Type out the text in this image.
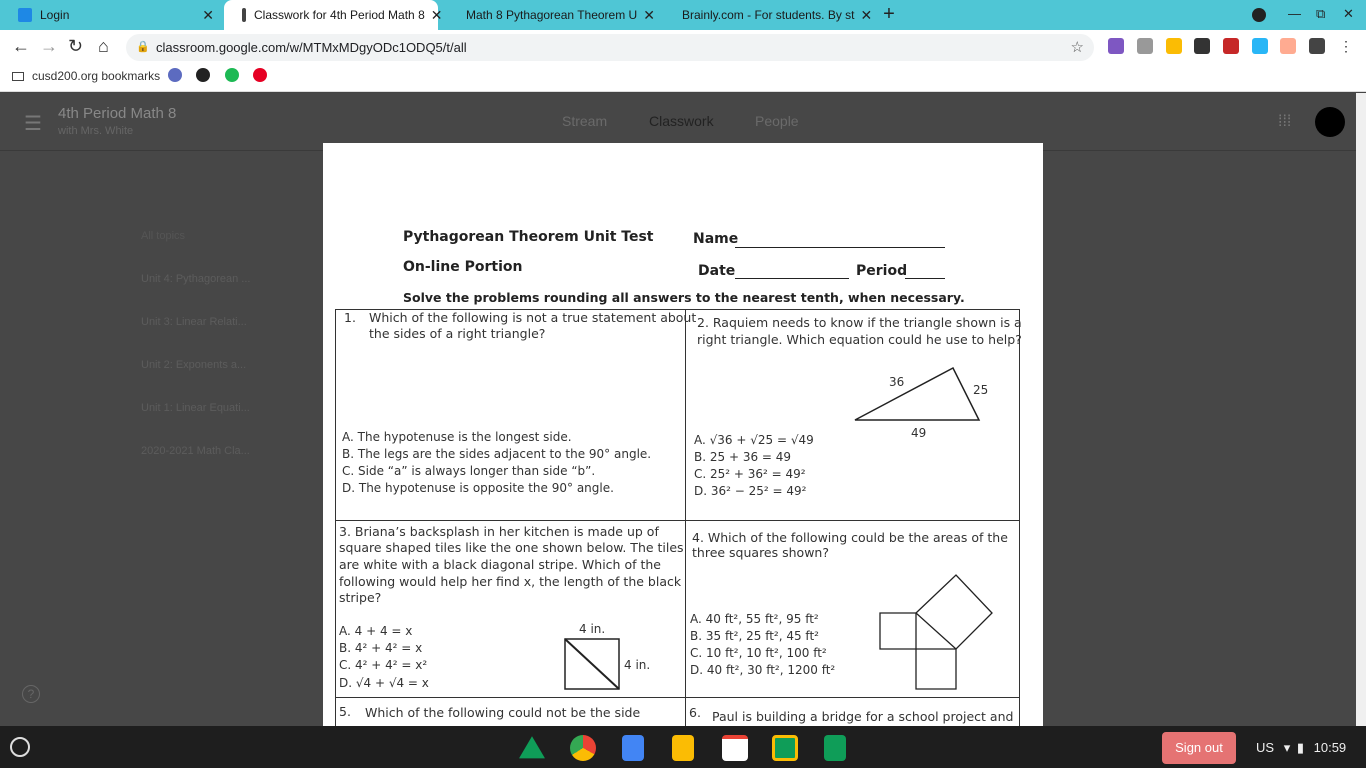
Login	✕	Classwork for 4th Period Math 8 ✕ Math 8 Pythagorean Theorem U ✕ Brainly.com - For students. By st ✕ +	— ⧉ ✕
← → ↻ ⌂ 🔒 classroom.google.com/w/MTMxMDgyODc1ODQ5/t/all	☆	⋮
cusd200.org bookmarks
☰ 4th Period Math 8
with Mrs. White
Stream	Classwork	People	⁞⁞⁞
All topics
Unit 4: Pythagorean ...
Unit 3: Linear Relati...
Unit 2: Exponents a...
Unit 1: Linear Equati...
2020-2021 Math Cla...
?
Pythagorean Theorem Unit Test
On-line Portion
Name
Date	Period
Solve the problems rounding all answers to the nearest tenth, when necessary.
1. Which of the following is not a true statement about
the sides of a right triangle?
A. The hypotenuse is the longest side.
B. The legs are the sides adjacent to the 90° angle.
C. Side “a” is always longer than side “b”.
D. The hypotenuse is opposite the 90° angle.
2. Raquiem needs to know if the triangle shown is a
right triangle. Which equation could he use to help?
36
25
49
A. √36 + √25 = √49
B. 25 + 36 = 49
C. 25² + 36² = 49²
D. 36² − 25² = 49²
3. Briana’s backsplash in her kitchen is made up of
square shaped tiles like the one shown below. The tiles
are white with a black diagonal stripe. Which of the
following would help her find x, the length of the black
stripe?
4 in.
4 in.
A. 4 + 4 = x
B. 4² + 4² = x
C. 4² + 4² = x²
D. √4 + √4 = x
4. Which of the following could be the areas of the
three squares shown?
A. 40 ft², 55 ft², 95 ft²
B. 35 ft², 25 ft², 45 ft²
C. 10 ft², 10 ft², 100 ft²
D. 40 ft², 30 ft², 1200 ft²
5. Which of the following could not be the side	6. Paul is building a bridge for a school project and
Sign out	US ▾ ▮ 10:59
